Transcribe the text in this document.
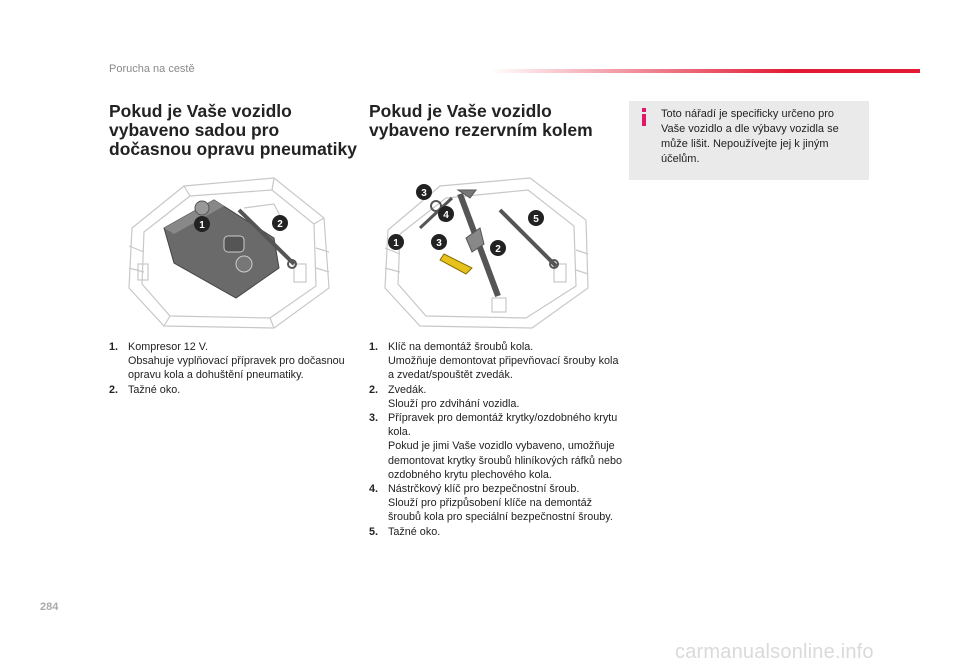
Porucha na cestě
Pokud je Vaše vozidlo vybaveno sadou pro dočasnou opravu pneumatiky
Pokud je Vaše vozidlo vybaveno rezervním kolem
Toto nářadí je specificky určeno pro Vaše vozidlo a dle výbavy vozidla se může lišit. Nepoužívejte jej k jiným účelům.
1	2
3
4
1	3
2
5
1. Kompresor 12 V.
Obsahuje vyplňovací přípravek pro dočasnou opravu kola a dohuštění pneumatiky.
2. Tažné oko.
1. Klíč na demontáž šroubů kola.
Umožňuje demontovat připevňovací šrouby kola a zvedat/spouštět zvedák.
2. Zvedák.
Slouží pro zdvihání vozidla.
3. Přípravek pro demontáž krytky/ozdobného krytu kola.
Pokud je jimi Vaše vozidlo vybaveno, umožňuje demontovat krytky šroubů hliníkových ráfků nebo ozdobného krytu plechového kola.
4. Nástrčkový klíč pro bezpečnostní šroub.
Slouží pro přizpůsobení klíče na demontáž šroubů kola pro speciální bezpečnostní šrouby.
5. Tažné oko.
284
carmanualsonline.info
